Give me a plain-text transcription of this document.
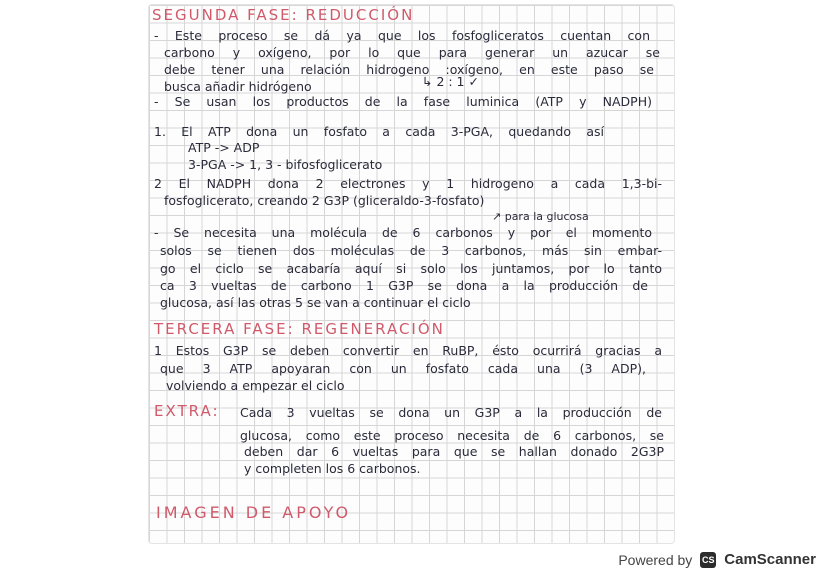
SEGUNDA FASE: REDUCCIÓN
- Este proceso se dá ya que los fosfogliceratos cuentan con
carbono y oxígeno, por lo que para generar un azucar se
debe tener una relación hidrogeno :oxígeno, en este paso se
busca añadir hidrógeno	↳ 2 : 1 ✓
- Se usan los productos de la fase luminica (ATP y NADPH)
1. El ATP dona un fosfato a cada 3-PGA, quedando así
ATP -> ADP
3-PGA -> 1, 3 - bifosfoglicerato
2 El NADPH dona 2 electrones y 1 hidrogeno a cada 1,3-bi-
fosfoglicerato, creando 2 G3P (gliceraldo-3-fosfato)
↗ para la glucosa
- Se necesita una molécula de 6 carbonos y por el momento
solos se tienen dos moléculas de 3 carbonos, más sin embar-
go el ciclo se acabaría aquí si solo los juntamos, por lo tanto
ca 3 vueltas de carbono 1 G3P se dona a la producción de
glucosa, así las otras 5 se van a continuar el ciclo
TERCERA FASE: REGENERACIÓN
1 Estos G3P se deben convertir en RuBP, ésto ocurrirá gracias a
que 3 ATP apoyaran con un fosfato cada una (3 ADP),
volviendo a empezar el ciclo
EXTRA: Cada 3 vueltas se dona un G3P a la producción de
glucosa, como este proceso necesita de 6 carbonos, se
deben dar 6 vueltas para que se hallan donado 2G3P
y completen los 6 carbonos.
IMAGEN DE APOYO
Powered by CS CamScanner
